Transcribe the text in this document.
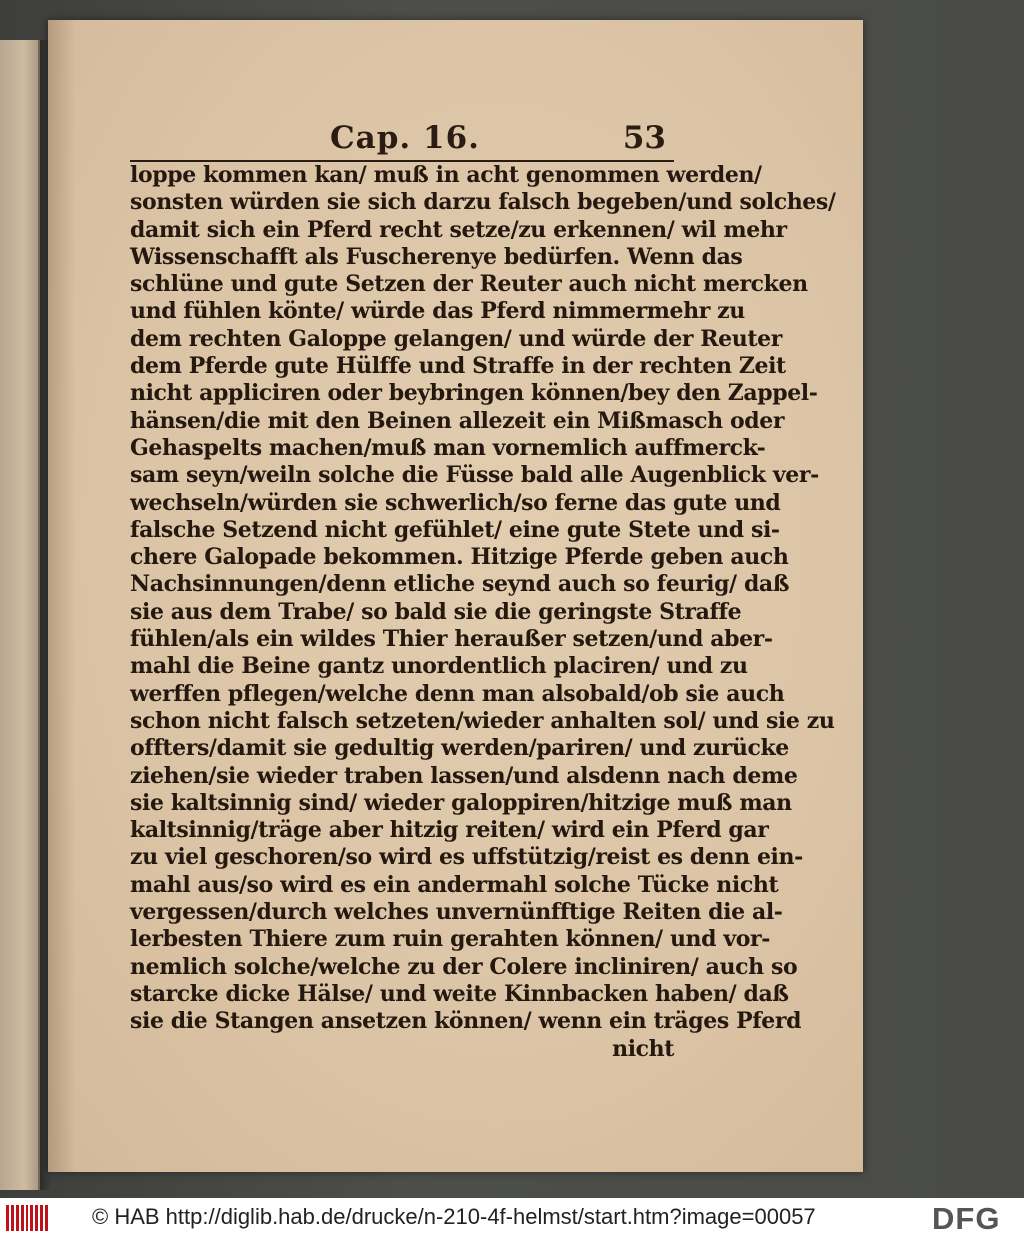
Cap. 16.	53
loppe kommen kan/ muß in acht genommen werden/
sonsten würden sie sich darzu falsch begeben/und solches/
damit sich ein Pferd recht setze/zu erkennen/ wil mehr
Wissenschafft als Fuscherenye bedürfen. Wenn das
schlüne und gute Setzen der Reuter auch nicht mercken
und fühlen könte/ würde das Pferd nimmermehr zu
dem rechten Galoppe gelangen/ und würde der Reuter
dem Pferde gute Hülffe und Straffe in der rechten Zeit
nicht appliciren oder beybringen können/bey den Zappel-
hänsen/die mit den Beinen allezeit ein Mißmasch oder
Gehaspelts machen/muß man vornemlich auffmerck-
sam seyn/weiln solche die Füsse bald alle Augenblick ver-
wechseln/würden sie schwerlich/so ferne das gute und
falsche Setzend nicht gefühlet/ eine gute Stete und si-
chere Galopade bekommen. Hitzige Pferde geben auch
Nachsinnungen/denn etliche seynd auch so feurig/ daß
sie aus dem Trabe/ so bald sie die geringste Straffe
fühlen/als ein wildes Thier heraußer setzen/und aber-
mahl die Beine gantz unordentlich placiren/ und zu
werffen pflegen/welche denn man alsobald/ob sie auch
schon nicht falsch setzeten/wieder anhalten sol/ und sie zu
offters/damit sie gedultig werden/pariren/ und zurücke
ziehen/sie wieder traben lassen/und alsdenn nach deme
sie kaltsinnig sind/ wieder galoppiren/hitzige muß man
kaltsinnig/träge aber hitzig reiten/ wird ein Pferd gar
zu viel geschoren/so wird es uffstützig/reist es denn ein-
mahl aus/so wird es ein andermahl solche Tücke nicht
vergessen/durch welches unvernünfftige Reiten die al-
lerbesten Thiere zum ruin gerahten können/ und vor-
nemlich solche/welche zu der Colere incliniren/ auch so
starcke dicke Hälse/ und weite Kinnbacken haben/ daß
sie die Stangen ansetzen können/ wenn ein träges Pferd
nicht
© HAB http://diglib.hab.de/drucke/n-210-4f-helmst/start.htm?image=00057	DFG
